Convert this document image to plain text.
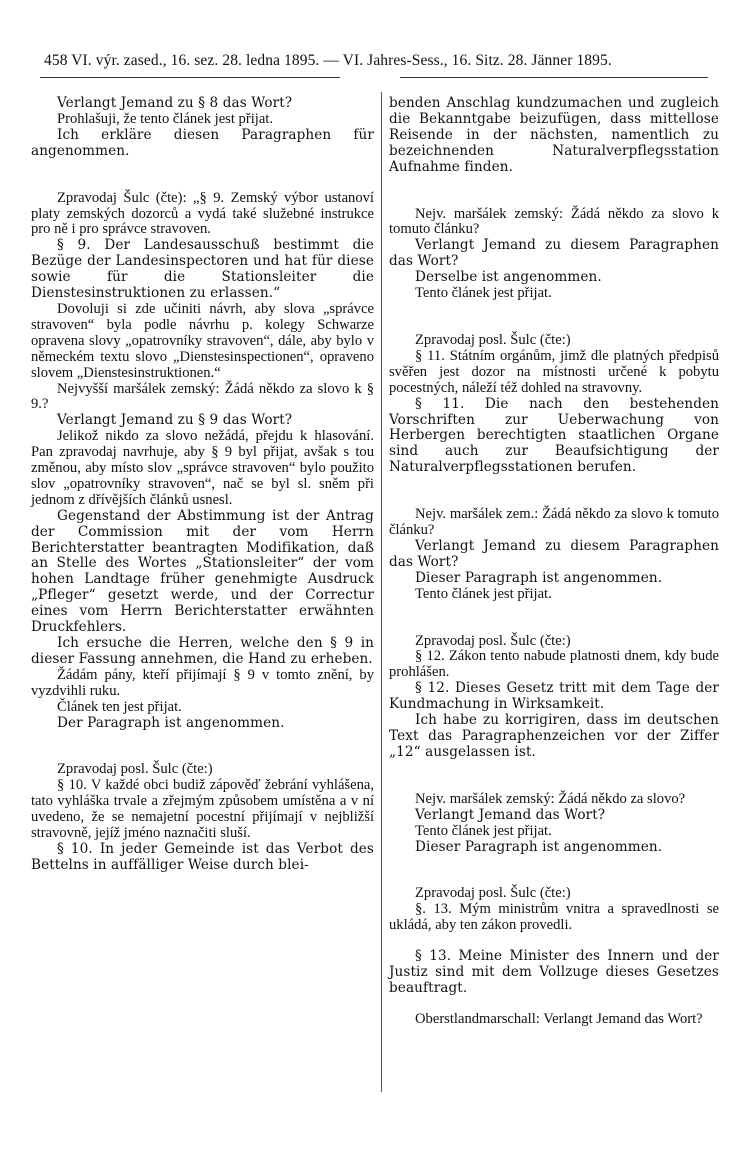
458 VI. výr. zased., 16. sez. 28. ledna 1895. — VI. Jahres-Sess., 16. Sitz. 28. Jänner 1895.

Verlangt Jemand zu § 8 das Wort?

Prohlašuji, že tento článek jest přijat.

Ich erkläre diesen Paragraphen für angenommen.

Zpravodaj Šulc (čte): „§ 9. Zemský výbor ustanoví platy zemských dozorců a vydá také služebné instrukce pro ně i pro správce stravoven.

§ 9. Der Landesausschuß bestimmt die Bezüge der Landesinspectoren und hat für diese sowie für die Stationsleiter die Dienstesinstruktionen zu erlassen.“

Dovoluji si zde učiniti návrh, aby slova „správce stravoven“ byla podle návrhu p. kolegy Schwarze opravena slovy „opatrovníky stravoven“, dále, aby bylo v německém textu slovo „Dienstesinspectionen“, opraveno slovem „Dienstesinstruktionen.“

Nejvyšší maršálek zemský: Žádá někdo za slovo k § 9.?

Verlangt Jemand zu § 9 das Wort?

Jelikož nikdo za slovo nežádá, přejdu k hlasování. Pan zpravodaj navrhuje, aby § 9 byl přijat, avšak s tou změnou, aby místo slov „správce stravoven“ bylo použito slov „opatrovníky stravoven“, nač se byl sl. sněm při jednom z dřívějších článků usnesl.

Gegenstand der Abstimmung ist der Antrag der Commission mit der vom Herrn Berichterstatter beantragten Modifikation, daß an Stelle des Wortes „Stationsleiter“ der vom hohen Landtage früher genehmigte Ausdruck „Pfleger“ gesetzt werde, und der Correctur eines vom Herrn Berichterstatter erwähnten Druckfehlers.

Ich ersuche die Herren, welche den § 9 in dieser Fassung annehmen, die Hand zu erheben.

Žádám pány, kteří přijímají § 9 v tomto znění, by vyzdvihli ruku.

Článek ten jest přijat.

Der Paragraph ist angenommen.

Zpravodaj posl. Šulc (čte:)

§ 10. V každé obci budiž zápověď žebrání vyhlášena, tato vyhláška trvale a zřejmým způsobem umístěna a v ní uvedeno, že se nemajetní pocestní přijímají v nejbližší stravovně, jejíž jméno naznačiti sluší.

§ 10. In jeder Gemeinde ist das Verbot des Bettelns in auffälliger Weise durch blei-

benden Anschlag kundzumachen und zugleich die Bekanntgabe beizufügen, dass mittellose Reisende in der nächsten, namentlich zu bezeichnenden Naturalverpflegsstation Aufnahme finden.

Nejv. maršálek zemský: Žádá někdo za slovo k tomuto článku?

Verlangt Jemand zu diesem Paragraphen das Wort?

Derselbe ist angenommen.

Tento článek jest přijat.

Zpravodaj posl. Šulc (čte:)

§ 11. Státním orgánům, jimž dle platných předpisů svěřen jest dozor na místnosti určené k pobytu pocestných, náleží též dohled na stravovny.

§ 11. Die nach den bestehenden Vorschriften zur Ueberwachung von Herbergen berechtigten staatlichen Organe sind auch zur Beaufsichtigung der Naturalverpflegsstationen berufen.

Nejv. maršálek zem.: Žádá někdo za slovo k tomuto článku?

Verlangt Jemand zu diesem Paragraphen das Wort?

Dieser Paragraph ist angenommen.

Tento článek jest přijat.

Zpravodaj posl. Šulc (čte:)

§ 12. Zákon tento nabude platnosti dnem, kdy bude prohlášen.

§ 12. Dieses Gesetz tritt mit dem Tage der Kundmachung in Wirksamkeit.

Ich habe zu korrigiren, dass im deutschen Text das Paragraphenzeichen vor der Ziffer „12“ ausgelassen ist.

Nejv. maršálek zemský: Žádá někdo za slovo?

Verlangt Jemand das Wort?

Tento článek jest přijat.

Dieser Paragraph ist angenommen.

Zpravodaj posl. Šulc (čte:)

§. 13. Mým ministrům vnitra a spravedlnosti se ukládá, aby ten zákon provedli.

§ 13. Meine Minister des Innern und der Justiz sind mit dem Vollzuge dieses Gesetzes beauftragt.

Oberstlandmarschall: Verlangt Jemand das Wort?
